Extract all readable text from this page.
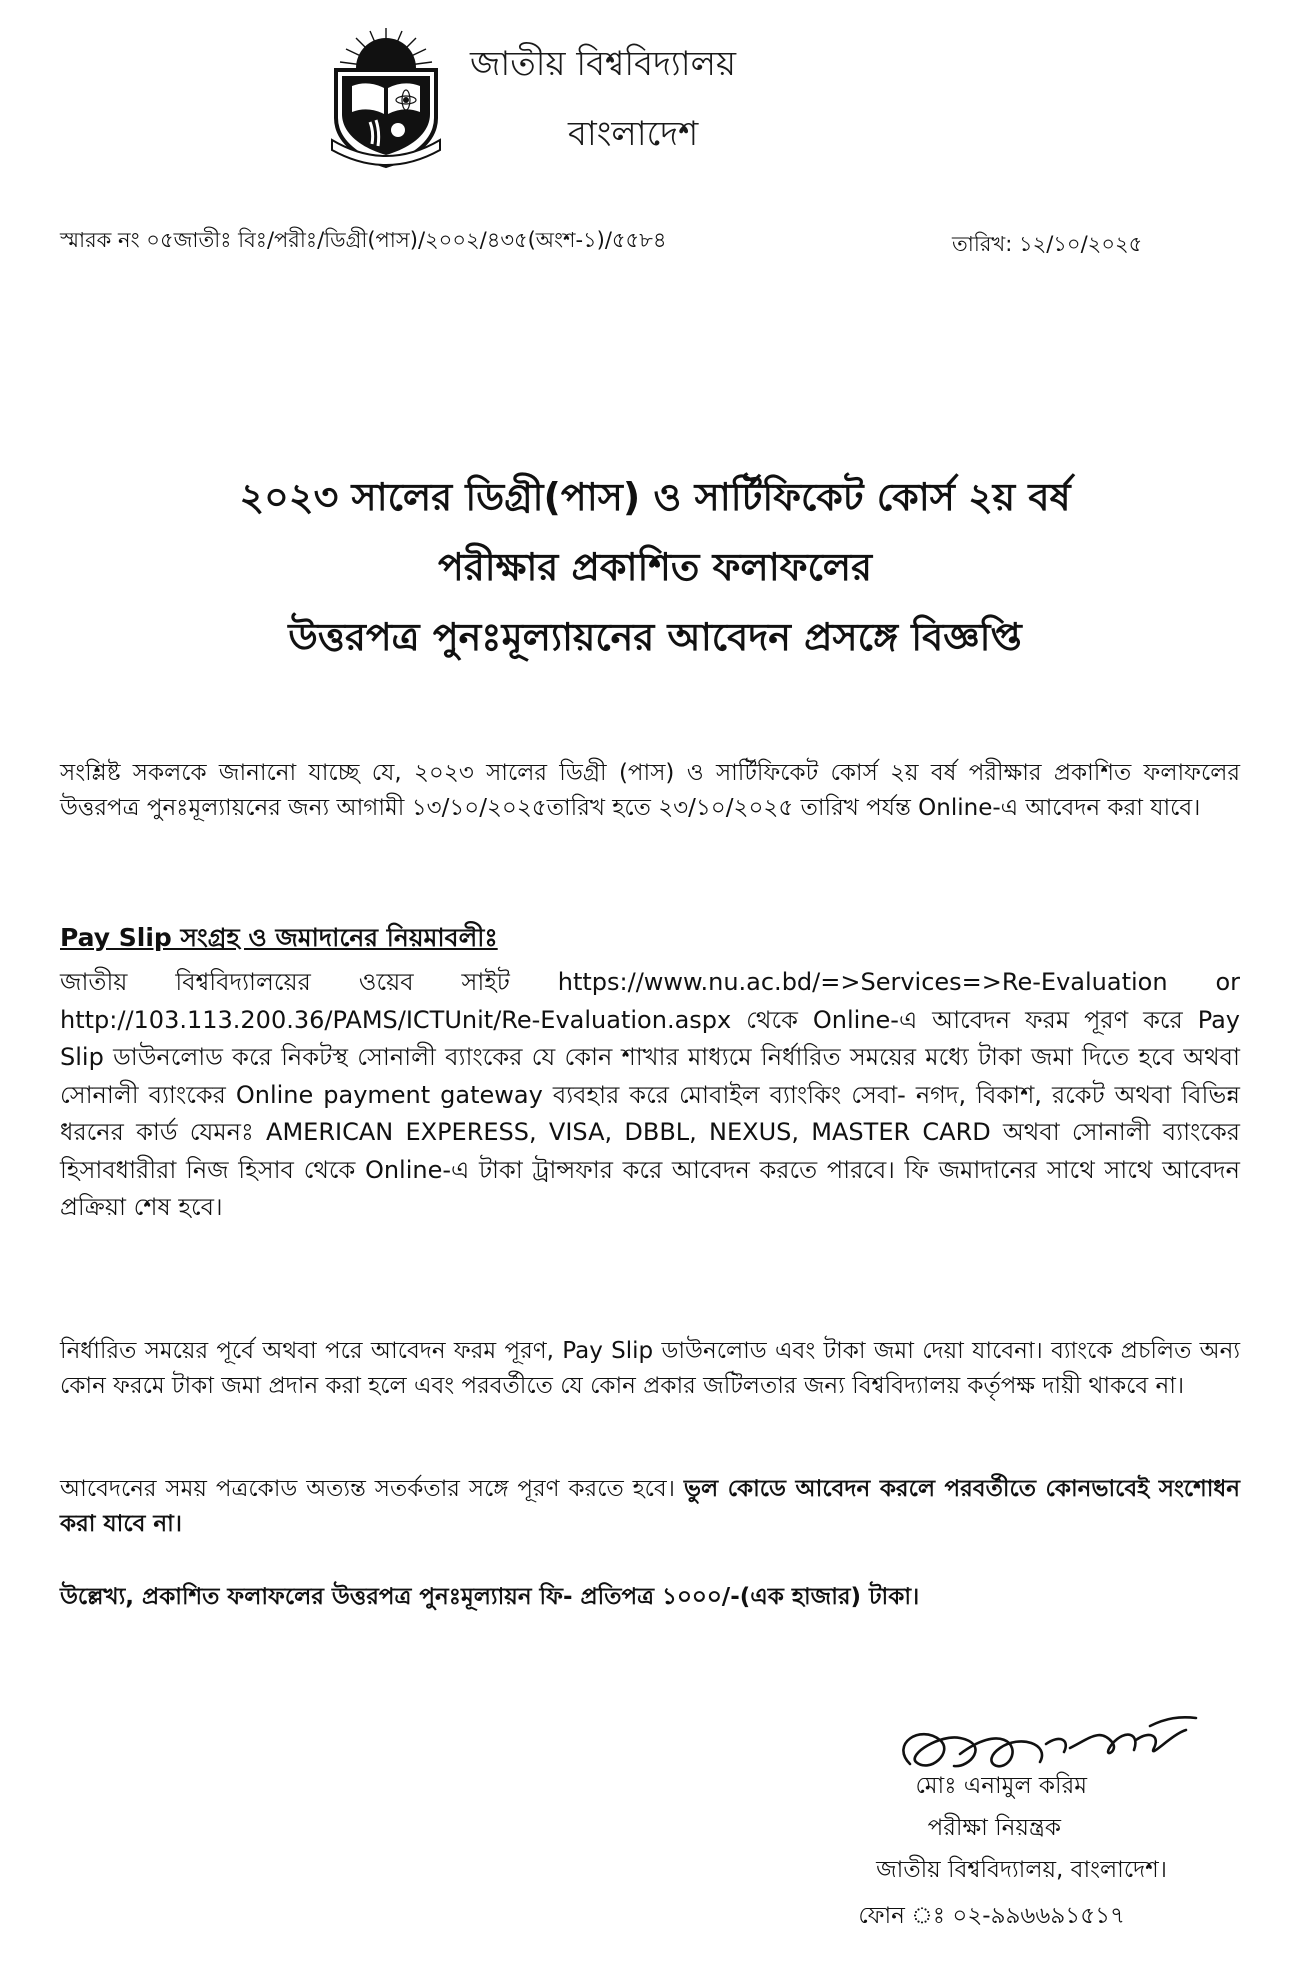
জাতীয় বিশ্ববিদ্যালয়
বাংলাদেশ
স্মারক নং ০৫জাতীঃ বিঃ/পরীঃ/ডিগ্রী(পাস)/২০০২/৪৩৫(অংশ-১)/৫৫৮৪	তারিখ: ১২/১০/২০২৫

২০২৩ সালের ডিগ্রী(পাস) ও সার্টিফিকেট কোর্স ২য় বর্ষ

পরীক্ষার প্রকাশিত ফলাফলের

উত্তরপত্র পুনঃমূল্যায়নের আবেদন প্রসঙ্গে বিজ্ঞপ্তি

সংশ্লিষ্ট সকলকে জানানো যাচ্ছে যে, ২০২৩ সালের ডিগ্রী (পাস) ও সার্টিফিকেট কোর্স ২য় বর্ষ পরীক্ষার প্রকাশিত ফলাফলের উত্তরপত্র পুনঃমূল্যায়নের জন্য আগামী ১৩/১০/২০২৫তারিখ হতে ২৩/১০/২০২৫ তারিখ পর্যন্ত Online-এ আবেদন করা যাবে।

Pay Slip সংগ্রহ ও জমাদানের নিয়মাবলীঃ

জাতীয় বিশ্ববিদ্যালয়ের ওয়েব সাইট https://www.nu.ac.bd/=>Services=>Re-Evaluation or http://103.113.200.36/PAMS/ICTUnit/Re-Evaluation.aspx থেকে Online-এ আবেদন ফরম পূরণ করে Pay Slip ডাউনলোড করে নিকটস্থ সোনালী ব্যাংকের যে কোন শাখার মাধ্যমে নির্ধারিত সময়ের মধ্যে টাকা জমা দিতে হবে অথবা সোনালী ব্যাংকের Online payment gateway ব্যবহার করে মোবাইল ব্যাংকিং সেবা- নগদ, বিকাশ, রকেট অথবা বিভিন্ন ধরনের কার্ড যেমনঃ AMERICAN EXPERESS, VISA, DBBL, NEXUS, MASTER CARD অথবা সোনালী ব্যাংকের হিসাবধারীরা নিজ হিসাব থেকে Online-এ টাকা ট্রান্সফার করে আবেদন করতে পারবে। ফি জমাদানের সাথে সাথে আবেদন প্রক্রিয়া শেষ হবে।

নির্ধারিত সময়ের পূর্বে অথবা পরে আবেদন ফরম পূরণ, Pay Slip ডাউনলোড এবং টাকা জমা দেয়া যাবেনা। ব্যাংকে প্রচলিত অন্য কোন ফরমে টাকা জমা প্রদান করা হলে এবং পরবর্তীতে যে কোন প্রকার জটিলতার জন্য বিশ্ববিদ্যালয় কর্তৃপক্ষ দায়ী থাকবে না।

আবেদনের সময় পত্রকোড অত্যন্ত সতর্কতার সঙ্গে পূরণ করতে হবে। ভুল কোডে আবেদন করলে পরবর্তীতে কোনভাবেই সংশোধন করা যাবে না।

উল্লেখ্য, প্রকাশিত ফলাফলের উত্তরপত্র পুনঃমূল্যায়ন ফি- প্রতিপত্র ১০০০/-(এক হাজার) টাকা।

মোঃ এনামুল করিম
পরীক্ষা নিয়ন্ত্রক
জাতীয় বিশ্ববিদ্যালয়, বাংলাদেশ।
ফোন ঃ ০২-৯৯৬৬৯১৫১৭
